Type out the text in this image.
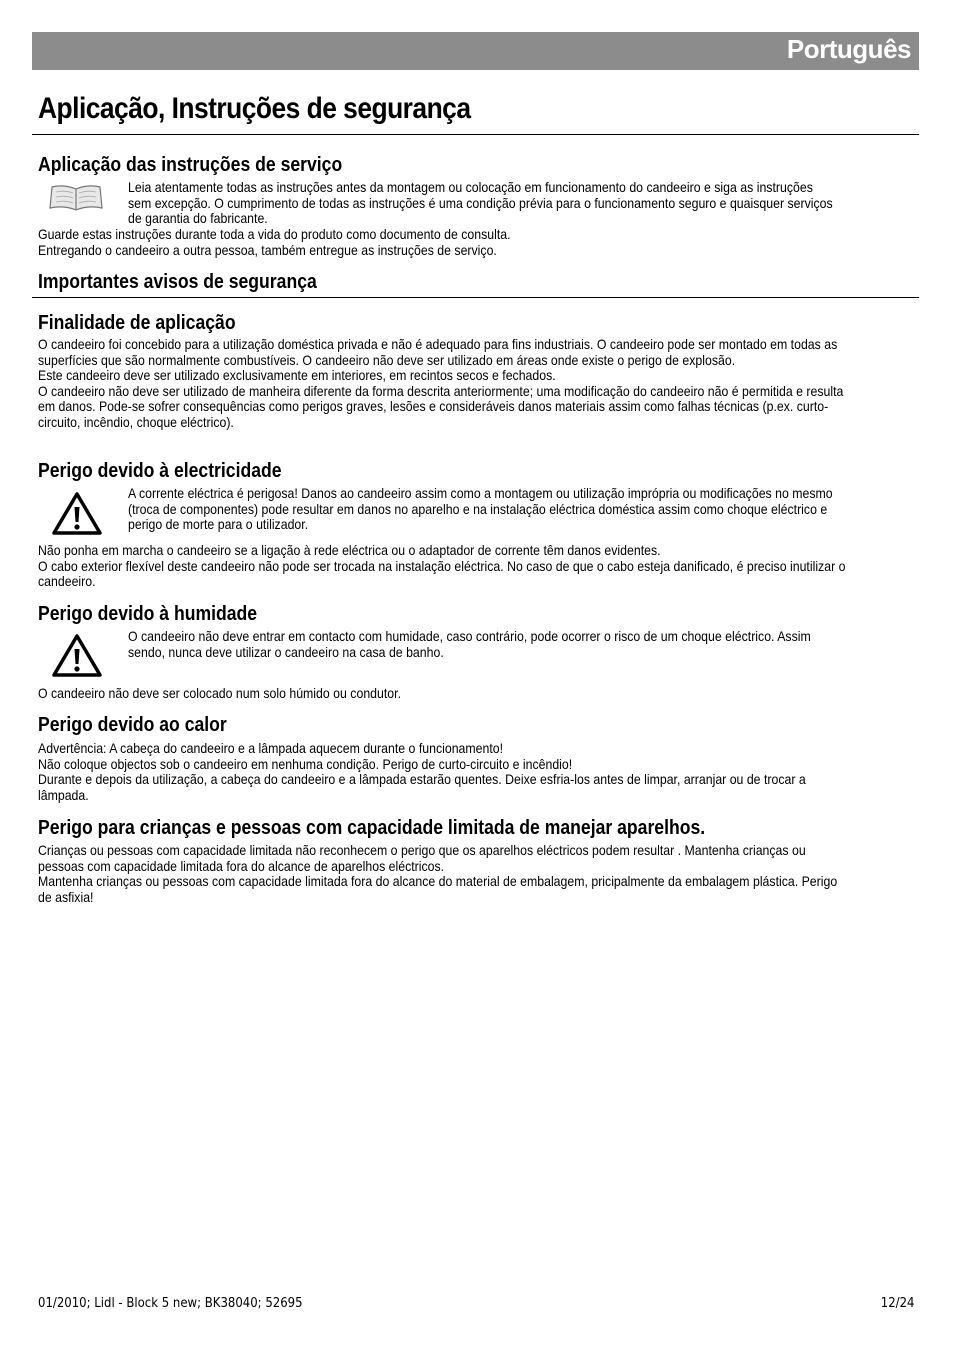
Português
Aplicação, Instruções de segurança
Aplicação das instruções de serviço
Leia atentamente todas as instruções antes da montagem ou colocação em funcionamento do candeeiro e siga as instruções sem excepção. O cumprimento de todas as instruções é uma condição prévia para o funcionamento seguro e quaisquer serviços de garantia do fabricante.

Guarde estas instruções durante toda a vida do produto como documento de consulta.

Entregando o candeeiro a outra pessoa, também entregue as instruções de serviço.

Importantes avisos de segurança
Finalidade de aplicação

O candeeiro foi concebido para a utilização doméstica privada e não é adequado para fins industriais. O candeeiro pode ser montado em todas as superfícies que são normalmente combustíveis. O candeeiro não deve ser utilizado em áreas onde existe o perigo de explosão.

Este candeeiro deve ser utilizado exclusivamente em interiores, em recintos secos e fechados.

O candeeiro não deve ser utilizado de manheira diferente da forma descrita anteriormente; uma modificação do candeeiro não é permitida e resulta em danos. Pode-se sofrer consequências como perigos graves, lesões e consideráveis danos materiais assim como falhas técnicas (p.ex. curto-circuito, incêndio, choque eléctrico).

Perigo devido à electricidade
A corrente eléctrica é perigosa! Danos ao candeeiro assim como a montagem ou utilização imprópria ou modificações no mesmo (troca de componentes) pode resultar em danos no aparelho e na instalação eléctrica doméstica assim como choque eléctrico e perigo de morte para o utilizador.

Não ponha em marcha o candeeiro se a ligação à rede eléctrica ou o adaptador de corrente têm danos evidentes.

O cabo exterior flexível deste candeeiro não pode ser trocada na instalação eléctrica. No caso de que o cabo esteja danificado, é preciso inutilizar o candeeiro.

Perigo devido à humidade
O candeeiro não deve entrar em contacto com humidade, caso contrário, pode ocorrer o risco de um choque eléctrico. Assim sendo, nunca deve utilizar o candeeiro na casa de banho.

O candeeiro não deve ser colocado num solo húmido ou condutor.

Perigo devido ao calor

Advertência: A cabeça do candeeiro e a lâmpada aquecem durante o funcionamento!

Não coloque objectos sob o candeeiro em nenhuma condição. Perigo de curto-circuito e incêndio!

Durante e depois da utilização, a cabeça do candeeiro e a lâmpada estarão quentes. Deixe esfria-los antes de limpar, arranjar ou de trocar a lâmpada.

Perigo para crianças e pessoas com capacidade limitada de manejar aparelhos.

Crianças ou pessoas com capacidade limitada não reconhecem o perigo que os aparelhos eléctricos podem resultar . Mantenha crianças ou pessoas com capacidade limitada fora do alcance de aparelhos eléctricos.

Mantenha crianças ou pessoas com capacidade limitada fora do alcance do material de embalagem, pricipalmente da embalagem plástica. Perigo de asfixia!

01/2010; Lidl - Block 5 new; BK38040; 52695	12/24
